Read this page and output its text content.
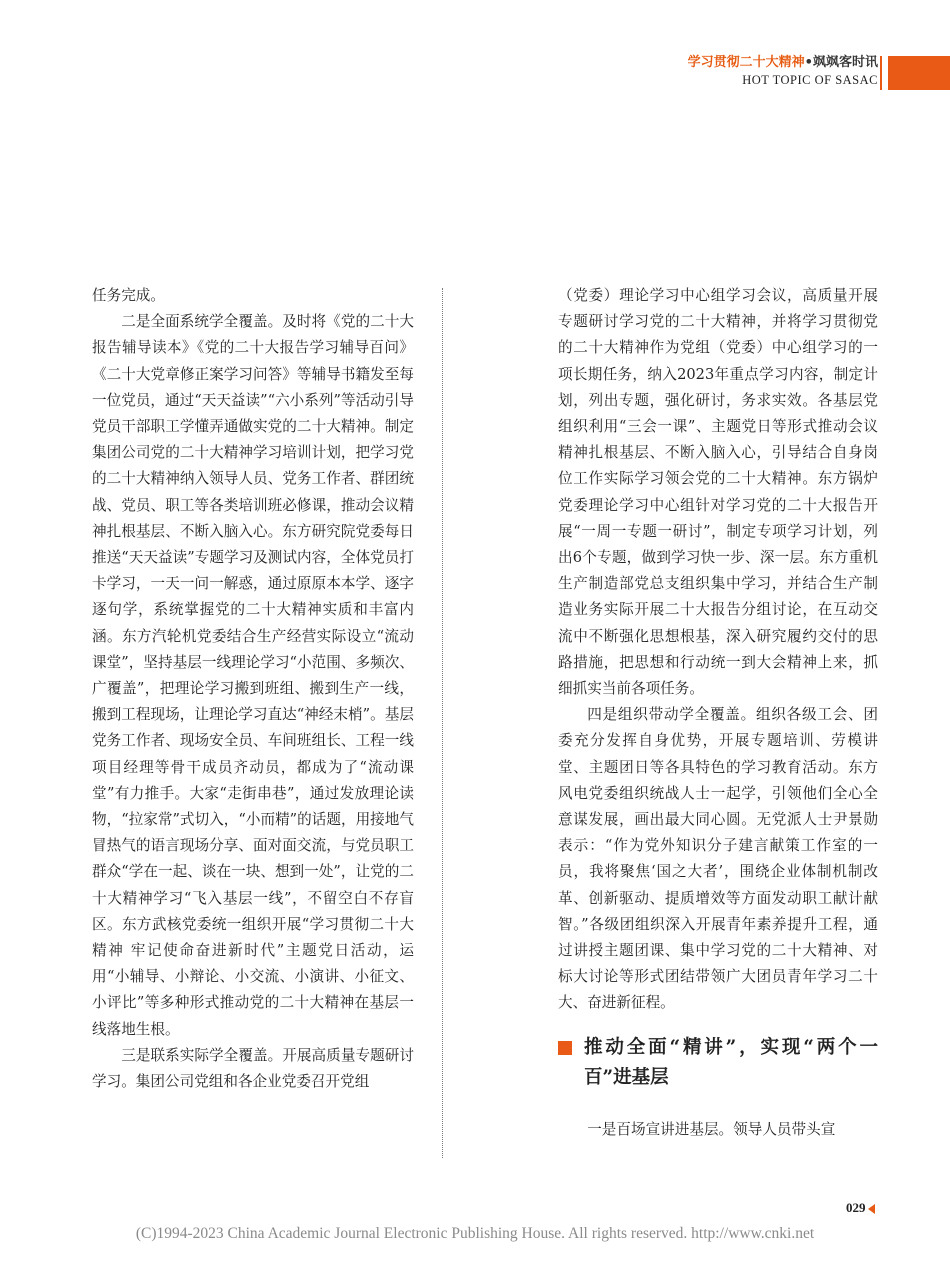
学习贯彻二十大精神•飒飒客时讯
HOT TOPIC OF SASAC

任务完成。

二是全面系统学全覆盖。及时将《党的二十大报告辅导读本》《党的二十大报告学习辅导百问》《二十大党章修正案学习问答》等辅导书籍发至每一位党员，通过“天天益读”“六小系列”等活动引导党员干部职工学懂弄通做实党的二十大精神。制定集团公司党的二十大精神学习培训计划，把学习党的二十大精神纳入领导人员、党务工作者、群团统战、党员、职工等各类培训班必修课，推动会议精神扎根基层、不断入脑入心。东方研究院党委每日推送“天天益读”专题学习及测试内容，全体党员打卡学习，一天一问一解惑，通过原原本本学、逐字逐句学，系统掌握党的二十大精神实质和丰富内涵。东方汽轮机党委结合生产经营实际设立“流动课堂”，坚持基层一线理论学习“小范围、多频次、广覆盖”，把理论学习搬到班组、搬到生产一线，搬到工程现场，让理论学习直达“神经末梢”。基层党务工作者、现场安全员、车间班组长、工程一线项目经理等骨干成员齐动员，都成为了“流动课堂”有力推手。大家“走街串巷”，通过发放理论读物，“拉家常”式切入，“小而精”的话题，用接地气冒热气的语言现场分享、面对面交流，与党员职工群众“学在一起、谈在一块、想到一处”，让党的二十大精神学习“飞入基层一线”，不留空白不存盲区。东方武核党委统一组织开展“学习贯彻二十大精神 牢记使命奋进新时代”主题党日活动，运用“小辅导、小辩论、小交流、小演讲、小征文、小评比”等多种形式推动党的二十大精神在基层一线落地生根。

三是联系实际学全覆盖。开展高质量专题研讨学习。集团公司党组和各企业党委召开党组

（党委）理论学习中心组学习会议，高质量开展专题研讨学习党的二十大精神，并将学习贯彻党的二十大精神作为党组（党委）中心组学习的一项长期任务，纳入2023年重点学习内容，制定计划，列出专题，强化研讨，务求实效。各基层党组织利用“三会一课”、主题党日等形式推动会议精神扎根基层、不断入脑入心，引导结合自身岗位工作实际学习领会党的二十大精神。东方锅炉党委理论学习中心组针对学习党的二十大报告开展“一周一专题一研讨”，制定专项学习计划，列出6个专题，做到学习快一步、深一层。东方重机生产制造部党总支组织集中学习，并结合生产制造业务实际开展二十大报告分组讨论，在互动交流中不断强化思想根基，深入研究履约交付的思路措施，把思想和行动统一到大会精神上来，抓细抓实当前各项任务。

四是组织带动学全覆盖。组织各级工会、团委充分发挥自身优势，开展专题培训、劳模讲堂、主题团日等各具特色的学习教育活动。东方风电党委组织统战人士一起学，引领他们全心全意谋发展，画出最大同心圆。无党派人士尹景勋表示：“作为党外知识分子建言献策工作室的一员，我将聚焦‘国之大者’，围绕企业体制机制改革、创新驱动、提质增效等方面发动职工献计献智。”各级团组织深入开展青年素养提升工程，通过讲授主题团课、集中学习党的二十大精神、对标大讨论等形式团结带领广大团员青年学习二十大、奋进新征程。

推动全面“精讲”，实现“两个一百”进基层

一是百场宣讲进基层。领导人员带头宣

029
(C)1994-2023 China Academic Journal Electronic Publishing House. All rights reserved. http://www.cnki.net
